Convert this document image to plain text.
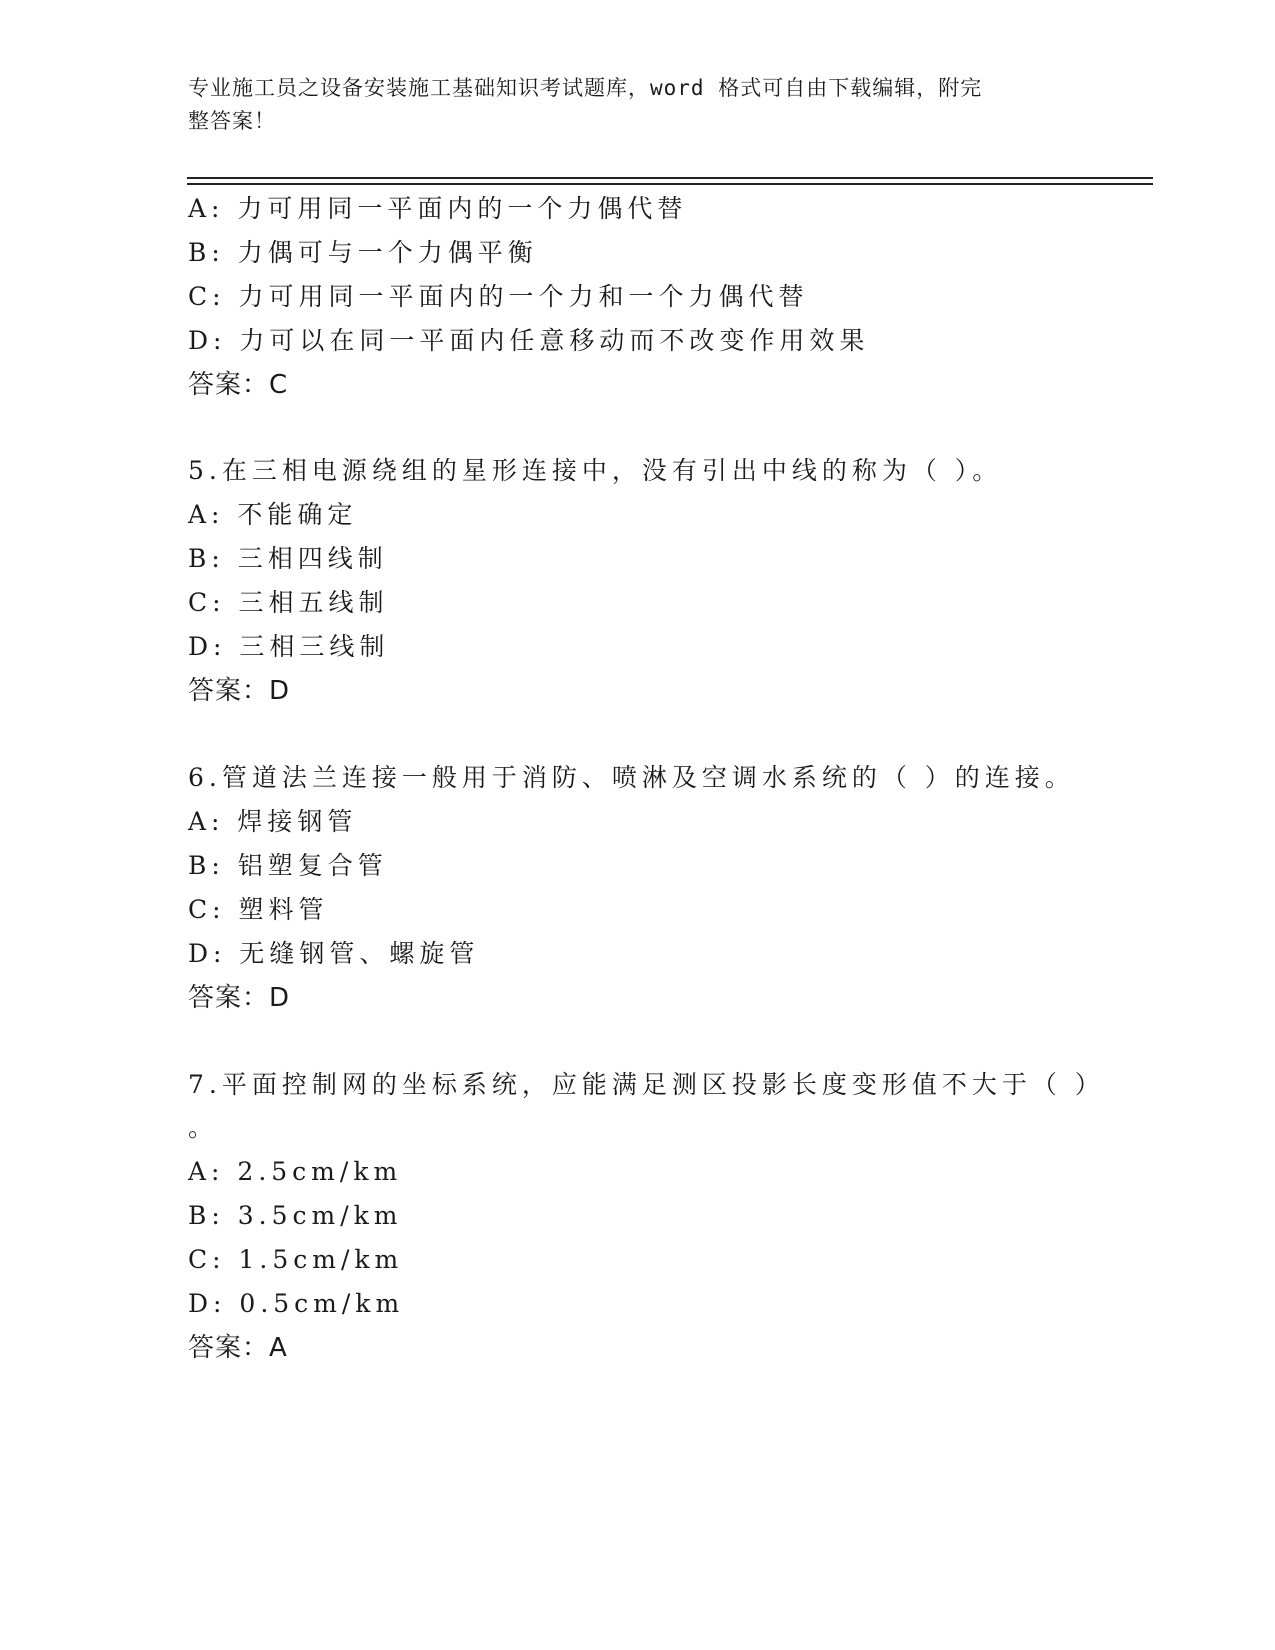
专业施工员之设备安装施工基础知识考试题库，word 格式可自由下载编辑，附完
整答案！
A: 力可用同一平面内的一个力偶代替
B: 力偶可与一个力偶平衡
C: 力可用同一平面内的一个力和一个力偶代替
D: 力可以在同一平面内任意移动而不改变作用效果
答案：C
5.在三相电源绕组的星形连接中，没有引出中线的称为（ ）。
A: 不能确定
B: 三相四线制
C: 三相五线制
D: 三相三线制
答案：D
6.管道法兰连接一般用于消防、喷淋及空调水系统的（ ）的连接。
A: 焊接钢管
B: 铝塑复合管
C: 塑料管
D: 无缝钢管、螺旋管
答案：D
7.平面控制网的坐标系统，应能满足测区投影长度变形值不大于（ ）
。
A: 2.5cm/km
B: 3.5cm/km
C: 1.5cm/km
D: 0.5cm/km
答案：A
